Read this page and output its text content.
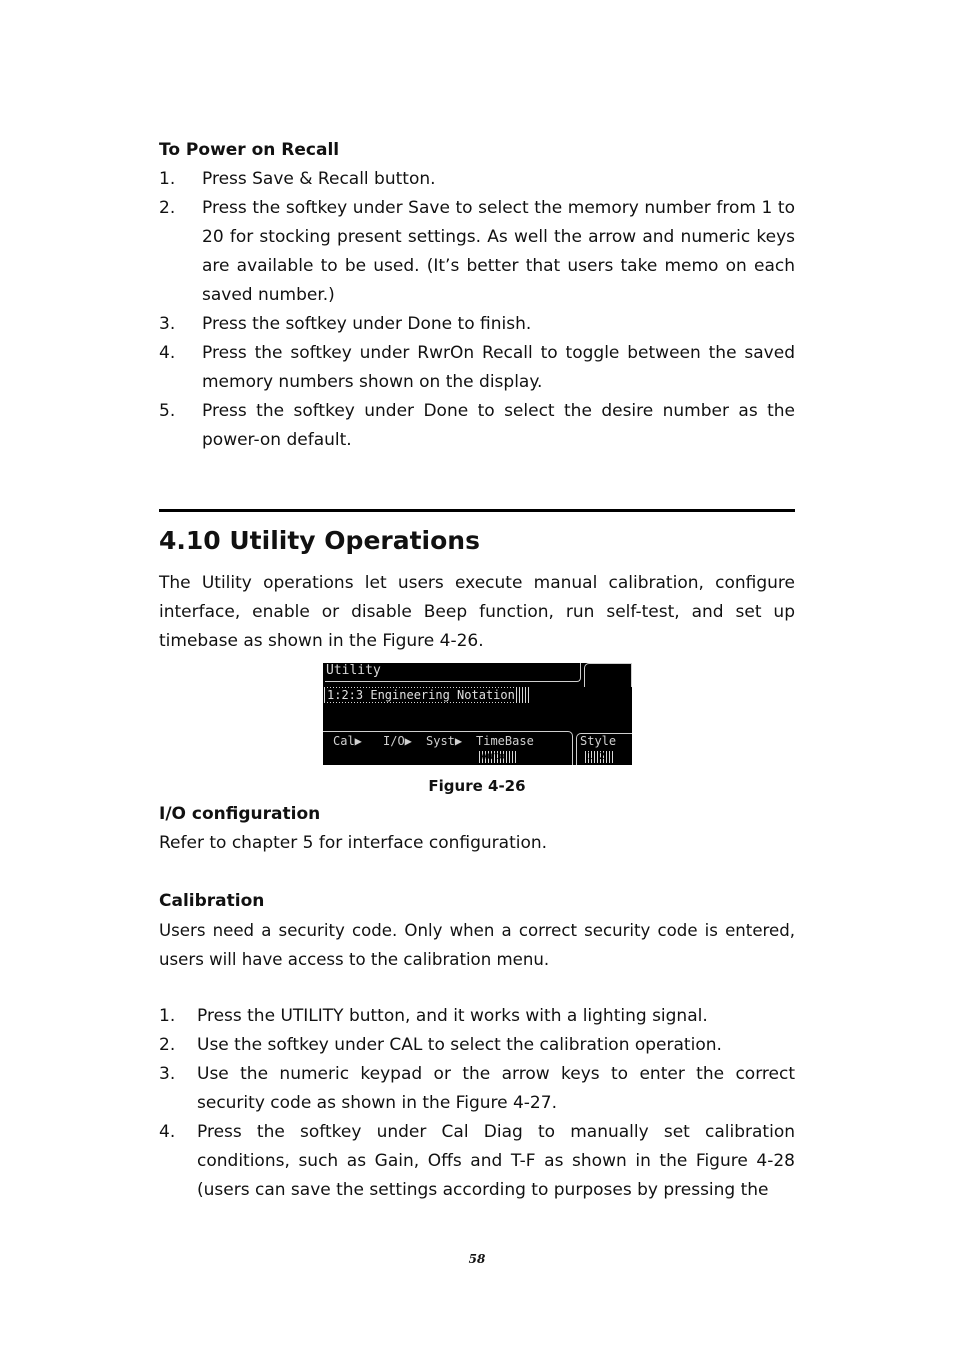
To Power on Recall

1. Press Save & Recall button.
2. Press the softkey under Save to select the memory number from 1 to 20 for stocking present settings. As well the arrow and numeric keys are available to be used. (It’s better that users take memo on each saved number.)
3. Press the softkey under Done to finish.
4. Press the softkey under RwrOn Recall to toggle between the saved memory numbers shown on the display.
5. Press the softkey under Done to select the desire number as the power-on default.
4.10 Utility Operations

The Utility operations let users execute manual calibration, configure interface, enable or disable Beep function, run self-test, and set up timebase as shown in the Figure 4-26.

Utility
1:2:3 Engineering Notation
Cal▶ I/O▶ Syst▶ TimeBase	Style
Auto	1.2

Figure 4-26

I/O configuration

Refer to chapter 5 for interface configuration.

Calibration

Users need a security code. Only when a correct security code is entered, users will have access to the calibration menu.

1. Press the UTILITY button, and it works with a lighting signal.
2. Use the softkey under CAL to select the calibration operation.
3. Use the numeric keypad or the arrow keys to enter the correct security code as shown in the Figure 4-27.
4. Press the softkey under Cal Diag to manually set calibration conditions, such as Gain, Offs and T-F as shown in the Figure 4-28 (users can save the settings according to purposes by pressing the

58
